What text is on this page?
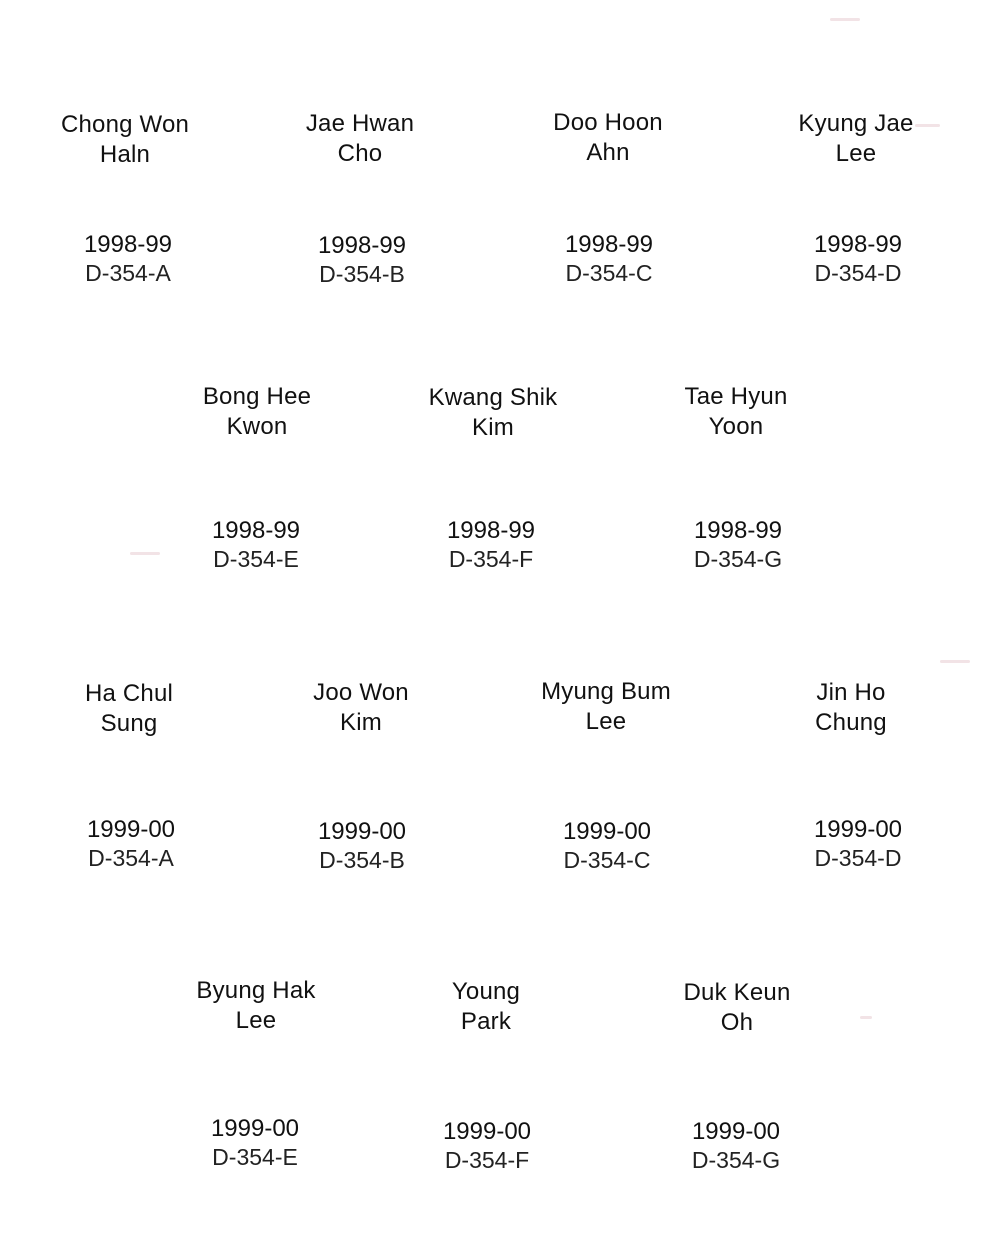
Chong Won
Haln
1998-99
D-354-A
Jae Hwan
Cho
1998-99
D-354-B
Doo Hoon
Ahn
1998-99
D-354-C
Kyung Jae
Lee
1998-99
D-354-D
Bong Hee
Kwon
1998-99
D-354-E
Kwang Shik
Kim
1998-99
D-354-F
Tae Hyun
Yoon
1998-99
D-354-G
Ha Chul
Sung
1999-00
D-354-A
Joo Won
Kim
1999-00
D-354-B
Myung Bum
Lee
1999-00
D-354-C
Jin Ho
Chung
1999-00
D-354-D
Byung Hak
Lee
1999-00
D-354-E
Young
Park
1999-00
D-354-F
Duk Keun
Oh
1999-00
D-354-G
